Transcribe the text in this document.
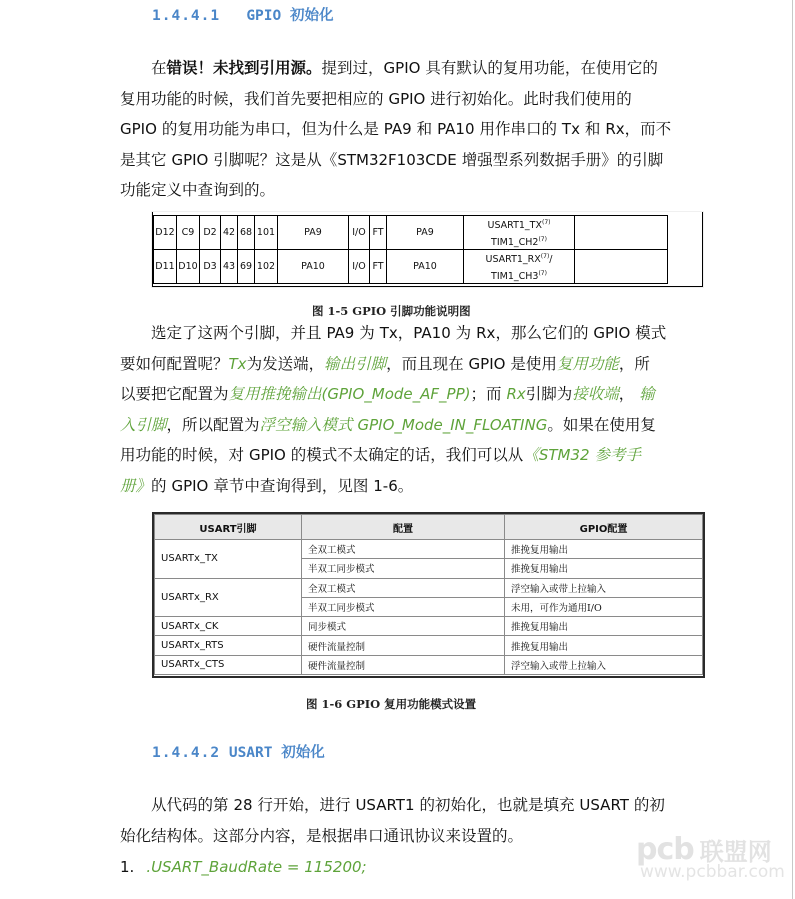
1.4.4.1 GPIO 初始化

在错误！未找到引用源。提到过，GPIO 具有默认的复用功能，在使用它的

复用功能的时候，我们首先要把相应的 GPIO 进行初始化。此时我们使用的

GPIO 的复用功能为串口，但为什么是 PA9 和 PA10 用作串口的 Tx 和 Rx，而不

是其它 GPIO 引脚呢？这是从《STM32F103CDE 增强型系列数据手册》的引脚

功能定义中查询到的。

D12	C9	D2	42	68	101	PA9	I/O	FT	PA9	USART1_TX$^{(7)}$
TIM1_CH2$^{(7)}$	
D11	D10	D3	43	69	102	PA10	I/O	FT	PA10	USART1_RX$^{(7)}$/
TIM1_CH3$^{(7)}$	
图 1-5 GPIO 引脚功能说明图

选定了这两个引脚，并且 PA9 为 Tx，PA10 为 Rx，那么它们的 GPIO 模式

要如何配置呢？Tx为发送端，输出引脚，而且现在 GPIO 是使用复用功能，所

以要把它配置为复用推挽输出(GPIO_Mode_AF_PP)；而 Rx引脚为接收端， 输

入引脚，所以配置为浮空输入模式 GPIO_Mode_IN_FLOATING。如果在使用复

用功能的时候，对 GPIO 的模式不太确定的话，我们可以从《STM32 参考手

册》的 GPIO 章节中查询得到，见图 1-6。

USART引脚	配置	GPIO配置
USARTx_TX	全双工模式	推挽复用输出
	半双工同步模式	推挽复用输出
USARTx_RX	全双工模式	浮空输入或带上拉输入
	半双工同步模式	未用，可作为通用I/O
USARTx_CK	同步模式	推挽复用输出
USARTx_RTS	硬件流量控制	推挽复用输出
USARTx_CTS	硬件流量控制	浮空输入或带上拉输入
图 1-6 GPIO 复用功能模式设置
1.4.4.2 USART 初始化

从代码的第 28 行开始，进行 USART1 的初始化，也就是填充 USART 的初

始化结构体。这部分内容，是根据串口通讯协议来设置的。

1. .USART_BaudRate = 115200;	pcb 联盟网
www.pcbbar.com
